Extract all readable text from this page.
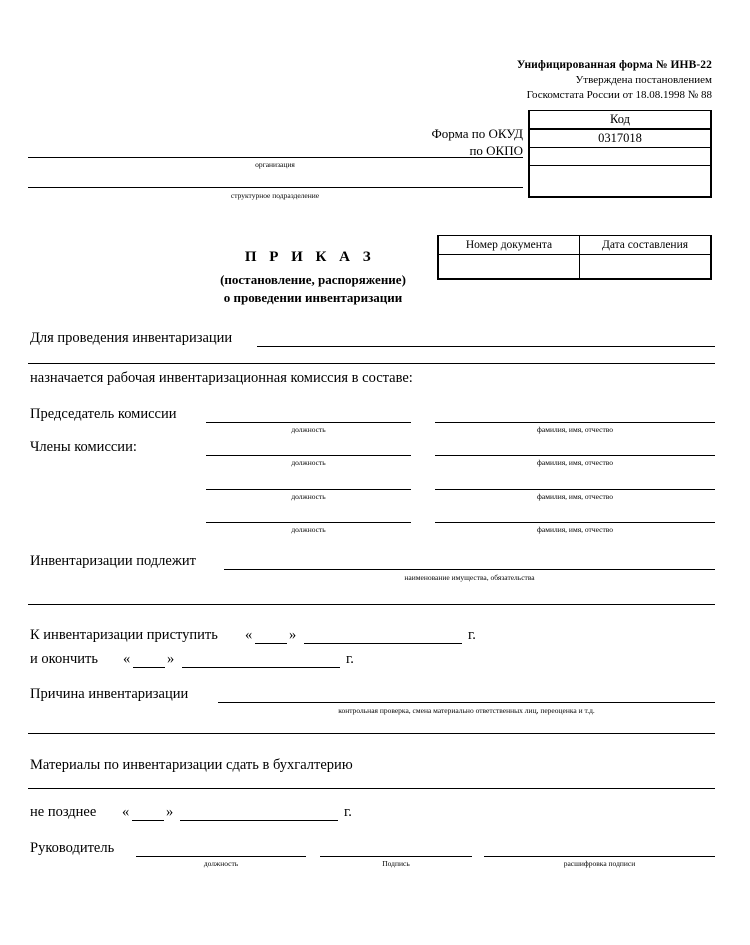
Унифицированная форма № ИНВ-22
Утверждена постановлением
Госкомстата России от 18.08.1998 № 88
Код
0317018

Форма по ОКУД
по ОКПО
организация
структурное подразделение
Номер документа	Дата составления

П Р И К А З
(постановление, распоряжение)
о проведении инвентаризации
Для проведения инвентаризации
назначается рабочая инвентаризационная комиссия в составе:
Председатель комиссии
должность	фамилия, имя, отчество
Члены комиссии:
должность	фамилия, имя, отчество
должность	фамилия, имя, отчество
должность	фамилия, имя, отчество
Инвентаризации подлежит
наименование имущества, обязательства
К инвентаризации приступить «	»	г.
и окончить «	»	г.
Причина инвентаризации
контрольная проверка, смена материально ответственных лиц, переоценка и т.д.
Материалы по инвентаризации сдать в бухгалтерию
не позднее «	»	г.
Руководитель
должность	Подпись	расшифровка подписи
